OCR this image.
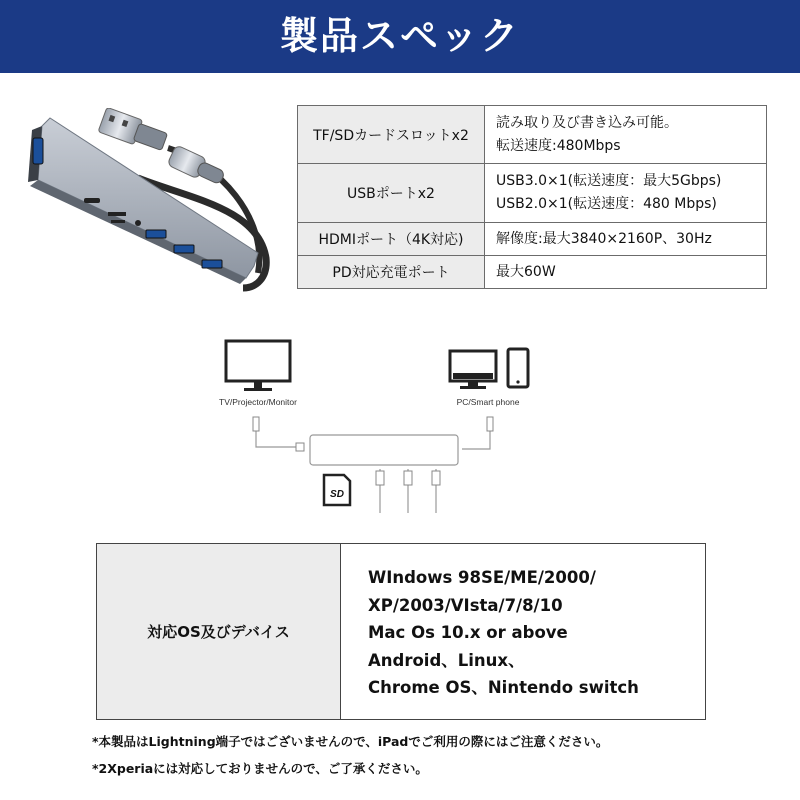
製品スペック
TF/SDカードスロットx2	読み取り及び書き込み可能。
転送速度:480Mbps

USBポートx2	USB3.0×1(転送速度：最大5Gbps)
USB2.0×1(転送速度：480 Mbps)

HDMIポート（4K対応)	解像度:最大3840×2160P、30Hz

PD対応充電ポート	最大60W
TV/Projector/Monitor	PC/Smart phone
SD
対応OS及びデバイス
WIndows 98SE/ME/2000/
XP/2003/VIsta/7/8/10
Mac Os 10.x or above
Android、Linux、
Chrome OS、Nintendo switch
*本製品はLightning端子ではございませんので、iPadでご利用の際にはご注意ください。
*2Xperiaには対応しておりませんので、ご了承ください。
